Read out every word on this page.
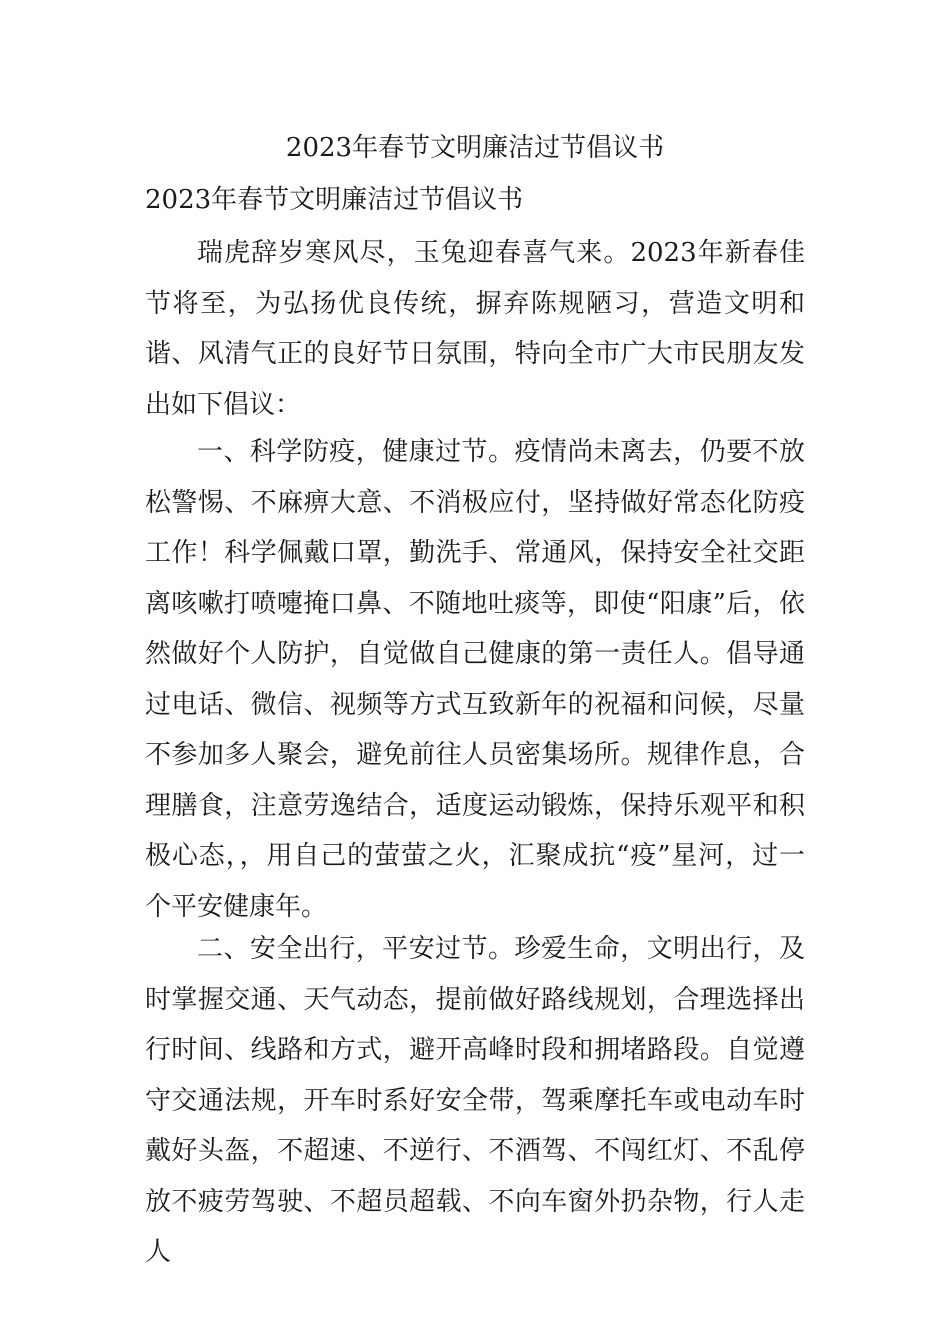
2023年春节文明廉洁过节倡议书
2023年春节文明廉洁过节倡议书

瑞虎辞岁寒风尽，玉兔迎春喜气来。2023年新春佳节将至，为弘扬优良传统，摒弃陈规陋习，营造文明和谐、风清气正的良好节日氛围，特向全市广大市民朋友发出如下倡议：

一、科学防疫，健康过节。疫情尚未离去，仍要不放松警惕、不麻痹大意、不消极应付，坚持做好常态化防疫工作！科学佩戴口罩，勤洗手、常通风，保持安全社交距离咳嗽打喷嚏掩口鼻、不随地吐痰等，即使“阳康”后，依然做好个人防护，自觉做自己健康的第一责任人。倡导通过电话、微信、视频等方式互致新年的祝福和问候，尽量不参加多人聚会，避免前往人员密集场所。规律作息，合理膳食，注意劳逸结合，适度运动锻炼，保持乐观平和积极心态，，用自己的萤萤之火，汇聚成抗“疫”星河，过一个平安健康年。

二、安全出行，平安过节。珍爱生命，文明出行，及时掌握交通、天气动态，提前做好路线规划，合理选择出行时间、线路和方式，避开高峰时段和拥堵路段。自觉遵守交通法规，开车时系好安全带，驾乘摩托车或电动车时戴好头盔，不超速、不逆行、不酒驾、不闯红灯、不乱停放不疲劳驾驶、不超员超载、不向车窗外扔杂物，行人走人
